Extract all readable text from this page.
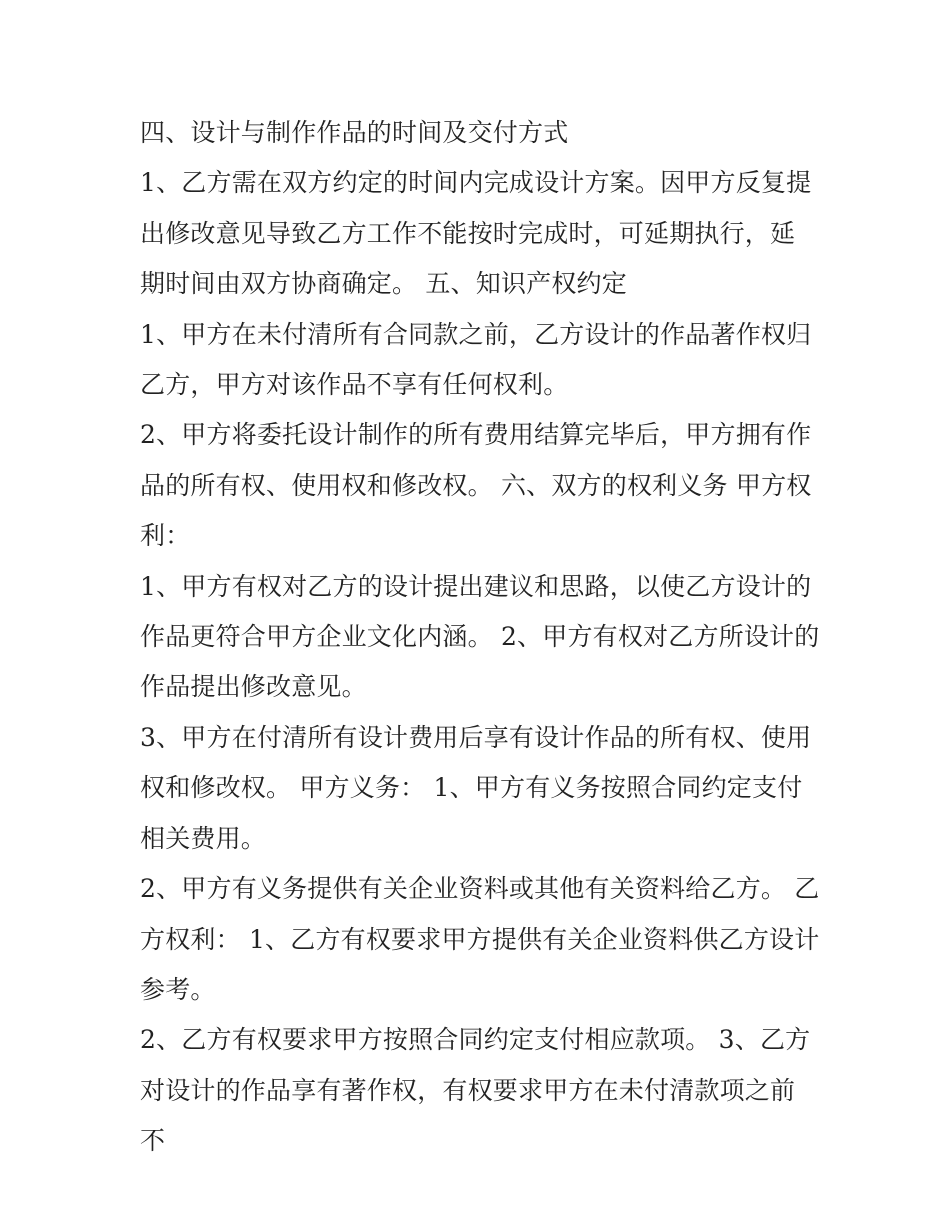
四、设计与制作作品的时间及交付方式

1、乙方需在双方约定的时间内完成设计方案。因甲方反复提出修改意见导致乙方工作不能按时完成时，可延期执行，延期时间由双方协商确定。 五、知识产权约定

1、甲方在未付清所有合同款之前，乙方设计的作品著作权归乙方，甲方对该作品不享有任何权利。

2、甲方将委托设计制作的所有费用结算完毕后，甲方拥有作品的所有权、使用权和修改权。 六、双方的权利义务 甲方权利：

1、甲方有权对乙方的设计提出建议和思路，以使乙方设计的作品更符合甲方企业文化内涵。 2、甲方有权对乙方所设计的作品提出修改意见。

3、甲方在付清所有设计费用后享有设计作品的所有权、使用权和修改权。 甲方义务： 1、甲方有义务按照合同约定支付相关费用。

2、甲方有义务提供有关企业资料或其他有关资料给乙方。 乙方权利： 1、乙方有权要求甲方提供有关企业资料供乙方设计参考。

2、乙方有权要求甲方按照合同约定支付相应款项。 3、乙方对设计的作品享有著作权，有权要求甲方在未付清款项之前不
